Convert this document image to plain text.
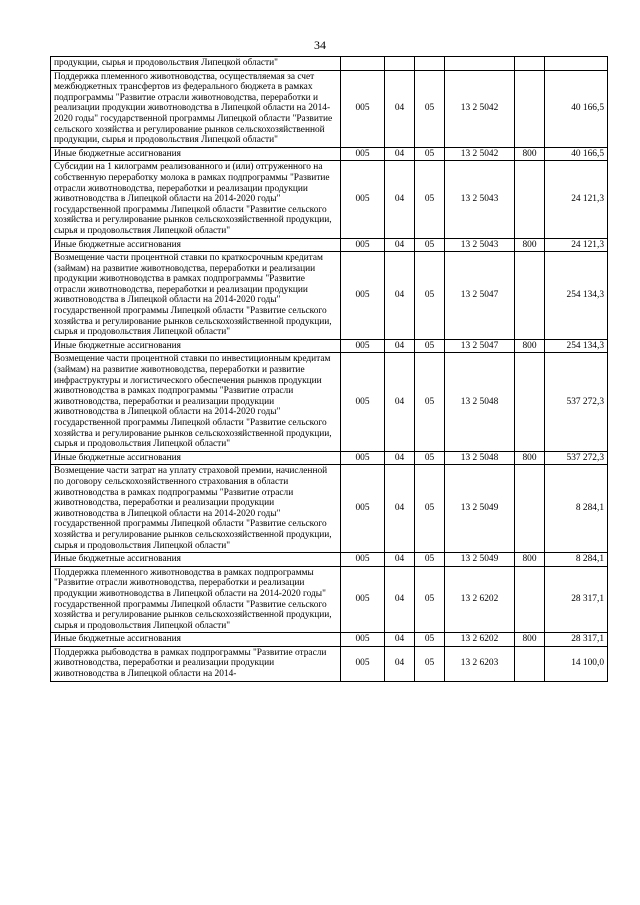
34
продукции, сырья и продовольствия Липецкой области"						
Поддержка племенного животноводства, осуществляемая за счет межбюджетных трансфертов из федерального бюджета в рамках подпрограммы "Развитие отрасли животноводства, переработки и реализации продукции животноводства в Липецкой области на 2014-2020 годы" государственной программы Липецкой области "Развитие сельского хозяйства и регулирование рынков сельскохозяйственной продукции, сырья и продовольствия Липецкой области"	005	04	05	13 2 5042		40 166,5
Иные бюджетные ассигнования	005	04	05	13 2 5042	800	40 166,5
Субсидии на 1 килограмм реализованного и (или) отгруженного на собственную переработку молока в рамках подпрограммы "Развитие отрасли животноводства, переработки и реализации продукции животноводства в Липецкой области на 2014-2020 годы" государственной программы Липецкой области "Развитие сельского хозяйства и регулирование рынков сельскохозяйственной продукции, сырья и продовольствия Липецкой области"	005	04	05	13 2 5043		24 121,3
Иные бюджетные ассигнования	005	04	05	13 2 5043	800	24 121,3
Возмещение части процентной ставки по краткосрочным кредитам (займам) на развитие животноводства, переработки и реализации продукции животноводства в рамках подпрограммы "Развитие отрасли животноводства, переработки и реализации продукции животноводства в Липецкой области на 2014-2020 годы" государственной программы Липецкой области "Развитие сельского хозяйства и регулирование рынков сельскохозяйственной продукции, сырья и продовольствия Липецкой области"	005	04	05	13 2 5047		254 134,3
Иные бюджетные ассигнования	005	04	05	13 2 5047	800	254 134,3
Возмещение части процентной ставки по инвестиционным кредитам (займам) на развитие животноводства, переработки и развитие инфраструктуры и логистического обеспечения рынков продукции животноводства в рамках подпрограммы "Развитие отрасли животноводства, переработки и реализации продукции животноводства в Липецкой области на 2014-2020 годы" государственной программы Липецкой области "Развитие сельского хозяйства и регулирование рынков сельскохозяйственной продукции, сырья и продовольствия Липецкой области"	005	04	05	13 2 5048		537 272,3
Иные бюджетные ассигнования	005	04	05	13 2 5048	800	537 272,3
Возмещение части затрат на уплату страховой премии, начисленной по договору сельскохозяйственного страхования в области животноводства в рамках подпрограммы "Развитие отрасли животноводства, переработки и реализации продукции животноводства в Липецкой области на 2014-2020 годы" государственной программы Липецкой области "Развитие сельского хозяйства и регулирование рынков сельскохозяйственной продукции, сырья и продовольствия Липецкой области"	005	04	05	13 2 5049		8 284,1
Иные бюджетные ассигнования	005	04	05	13 2 5049	800	8 284,1
Поддержка племенного животноводства в рамках подпрограммы "Развитие отрасли животноводства, переработки и реализации продукции животноводства в Липецкой области на 2014-2020 годы" государственной программы Липецкой области "Развитие сельского хозяйства и регулирование рынков сельскохозяйственной продукции, сырья и продовольствия Липецкой области"	005	04	05	13 2 6202		28 317,1
Иные бюджетные ассигнования	005	04	05	13 2 6202	800	28 317,1
Поддержка рыбоводства в рамках подпрограммы "Развитие отрасли животноводства, переработки и реализации продукции животноводства в Липецкой области на 2014-	005	04	05	13 2 6203		14 100,0
